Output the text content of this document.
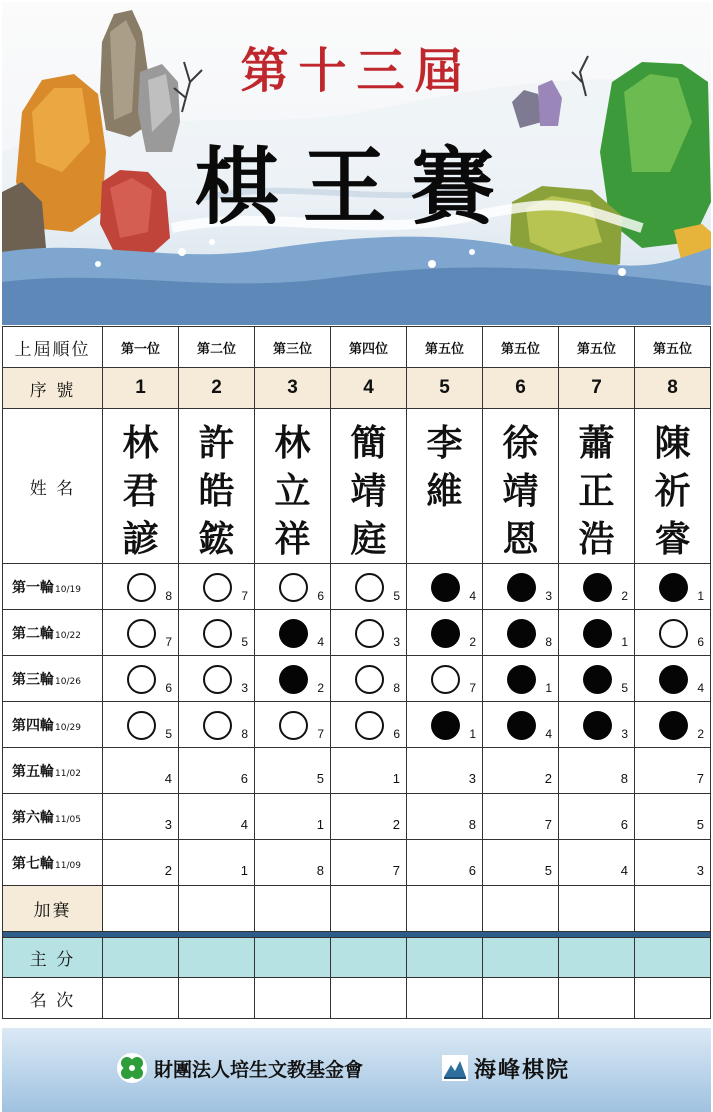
第十三屆
棋王賽
上屆順位	第一位	第二位	第三位	第四位	第五位	第五位	第五位	第五位
序 號	1	2	3	4	5	6	7	8
姓 名	林君諺	許皓鋐	林立祥	簡靖庭	李　維	徐靖恩	蕭正浩	陳祈睿
第一輪10/19	8	7	6	5	4	3	2	1

第二輪10/22	7	5	4	3	2	8	1	6

第三輪10/26	6	3	2	8	7	1	5	4

第四輪10/29	5	8	7	6	1	4	3	2

第五輪11/02	4	6	5	1	3	2	8	7

第六輪11/05	3	4	1	2	8	7	6	5

第七輪11/09	2	1	8	7	6	5	4	3

加賽								

主 分								
名 次								
財團法人培生文教基金會	海峰棋院
